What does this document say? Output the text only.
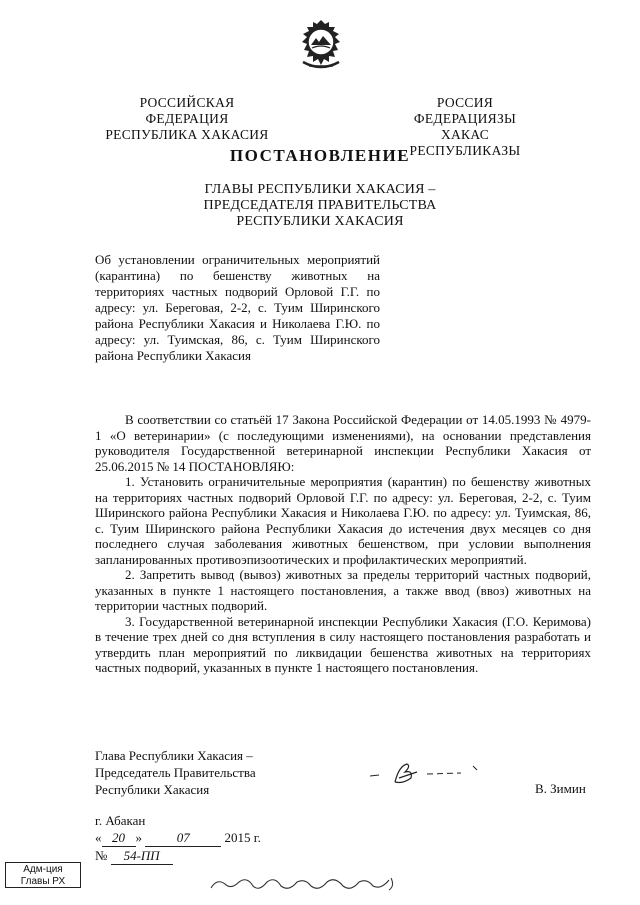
РОССИЙСКАЯ ФЕДЕРАЦИЯ
РЕСПУБЛИКА ХАКАСИЯ
РОССИЯ ФЕДЕРАЦИЯЗЫ
ХАКАС РЕСПУБЛИКАЗЫ
ПОСТАНОВЛЕНИЕ
ГЛАВЫ РЕСПУБЛИКИ ХАКАСИЯ –
ПРЕДСЕДАТЕЛЯ ПРАВИТЕЛЬСТВА
РЕСПУБЛИКИ ХАКАСИЯ
Об установлении ограничительных мероприятий (карантина) по бешенству животных на территориях частных подворий Орловой Г.Г. по адресу: ул. Береговая, 2-2, с. Туим Ширинского района Республики Хакасия и Николаева Г.Ю. по адресу: ул. Туимская, 86, с. Туим Ширинского района Республики Хакасия

В соответствии со статьёй 17 Закона Российской Федерации от 14.05.1993 № 4979-1 «О ветеринарии» (с последующими изменениями), на основании представления руководителя Государственной ветеринарной инспекции Республики Хакасия от 25.06.2015 № 14 ПОСТАНОВЛЯЮ:

1. Установить ограничительные мероприятия (карантин) по бешенству животных на территориях частных подворий Орловой Г.Г. по адресу: ул. Береговая, 2-2, с. Туим Ширинского района Республики Хакасия и Николаева Г.Ю. по адресу: ул. Туимская, 86, с. Туим Ширинского района Республики Хакасия до истечения двух месяцев со дня последнего случая заболевания животных бешенством, при условии выполнения запланированных противоэпизоотических и профилактических мероприятий.

2. Запретить вывод (вывоз) животных за пределы территорий частных подворий, указанных в пункте 1 настоящего постановления, а также ввод (ввоз) животных на территории частных подворий.

3. Государственной ветеринарной инспекции Республики Хакасия (Г.О. Керимова) в течение трех дней со дня вступления в силу настоящего постановления разработать и утвердить план мероприятий по ликвидации бешенства животных на территориях частных подворий, указанных в пункте 1 настоящего постановления.

Глава Республики Хакасия –
Председатель Правительства
Республики Хакасия	В. Зимин
г. Абакан
« 20 »	07	2015 г.
№ 54-ПП
Адм-ция
Главы РХ
